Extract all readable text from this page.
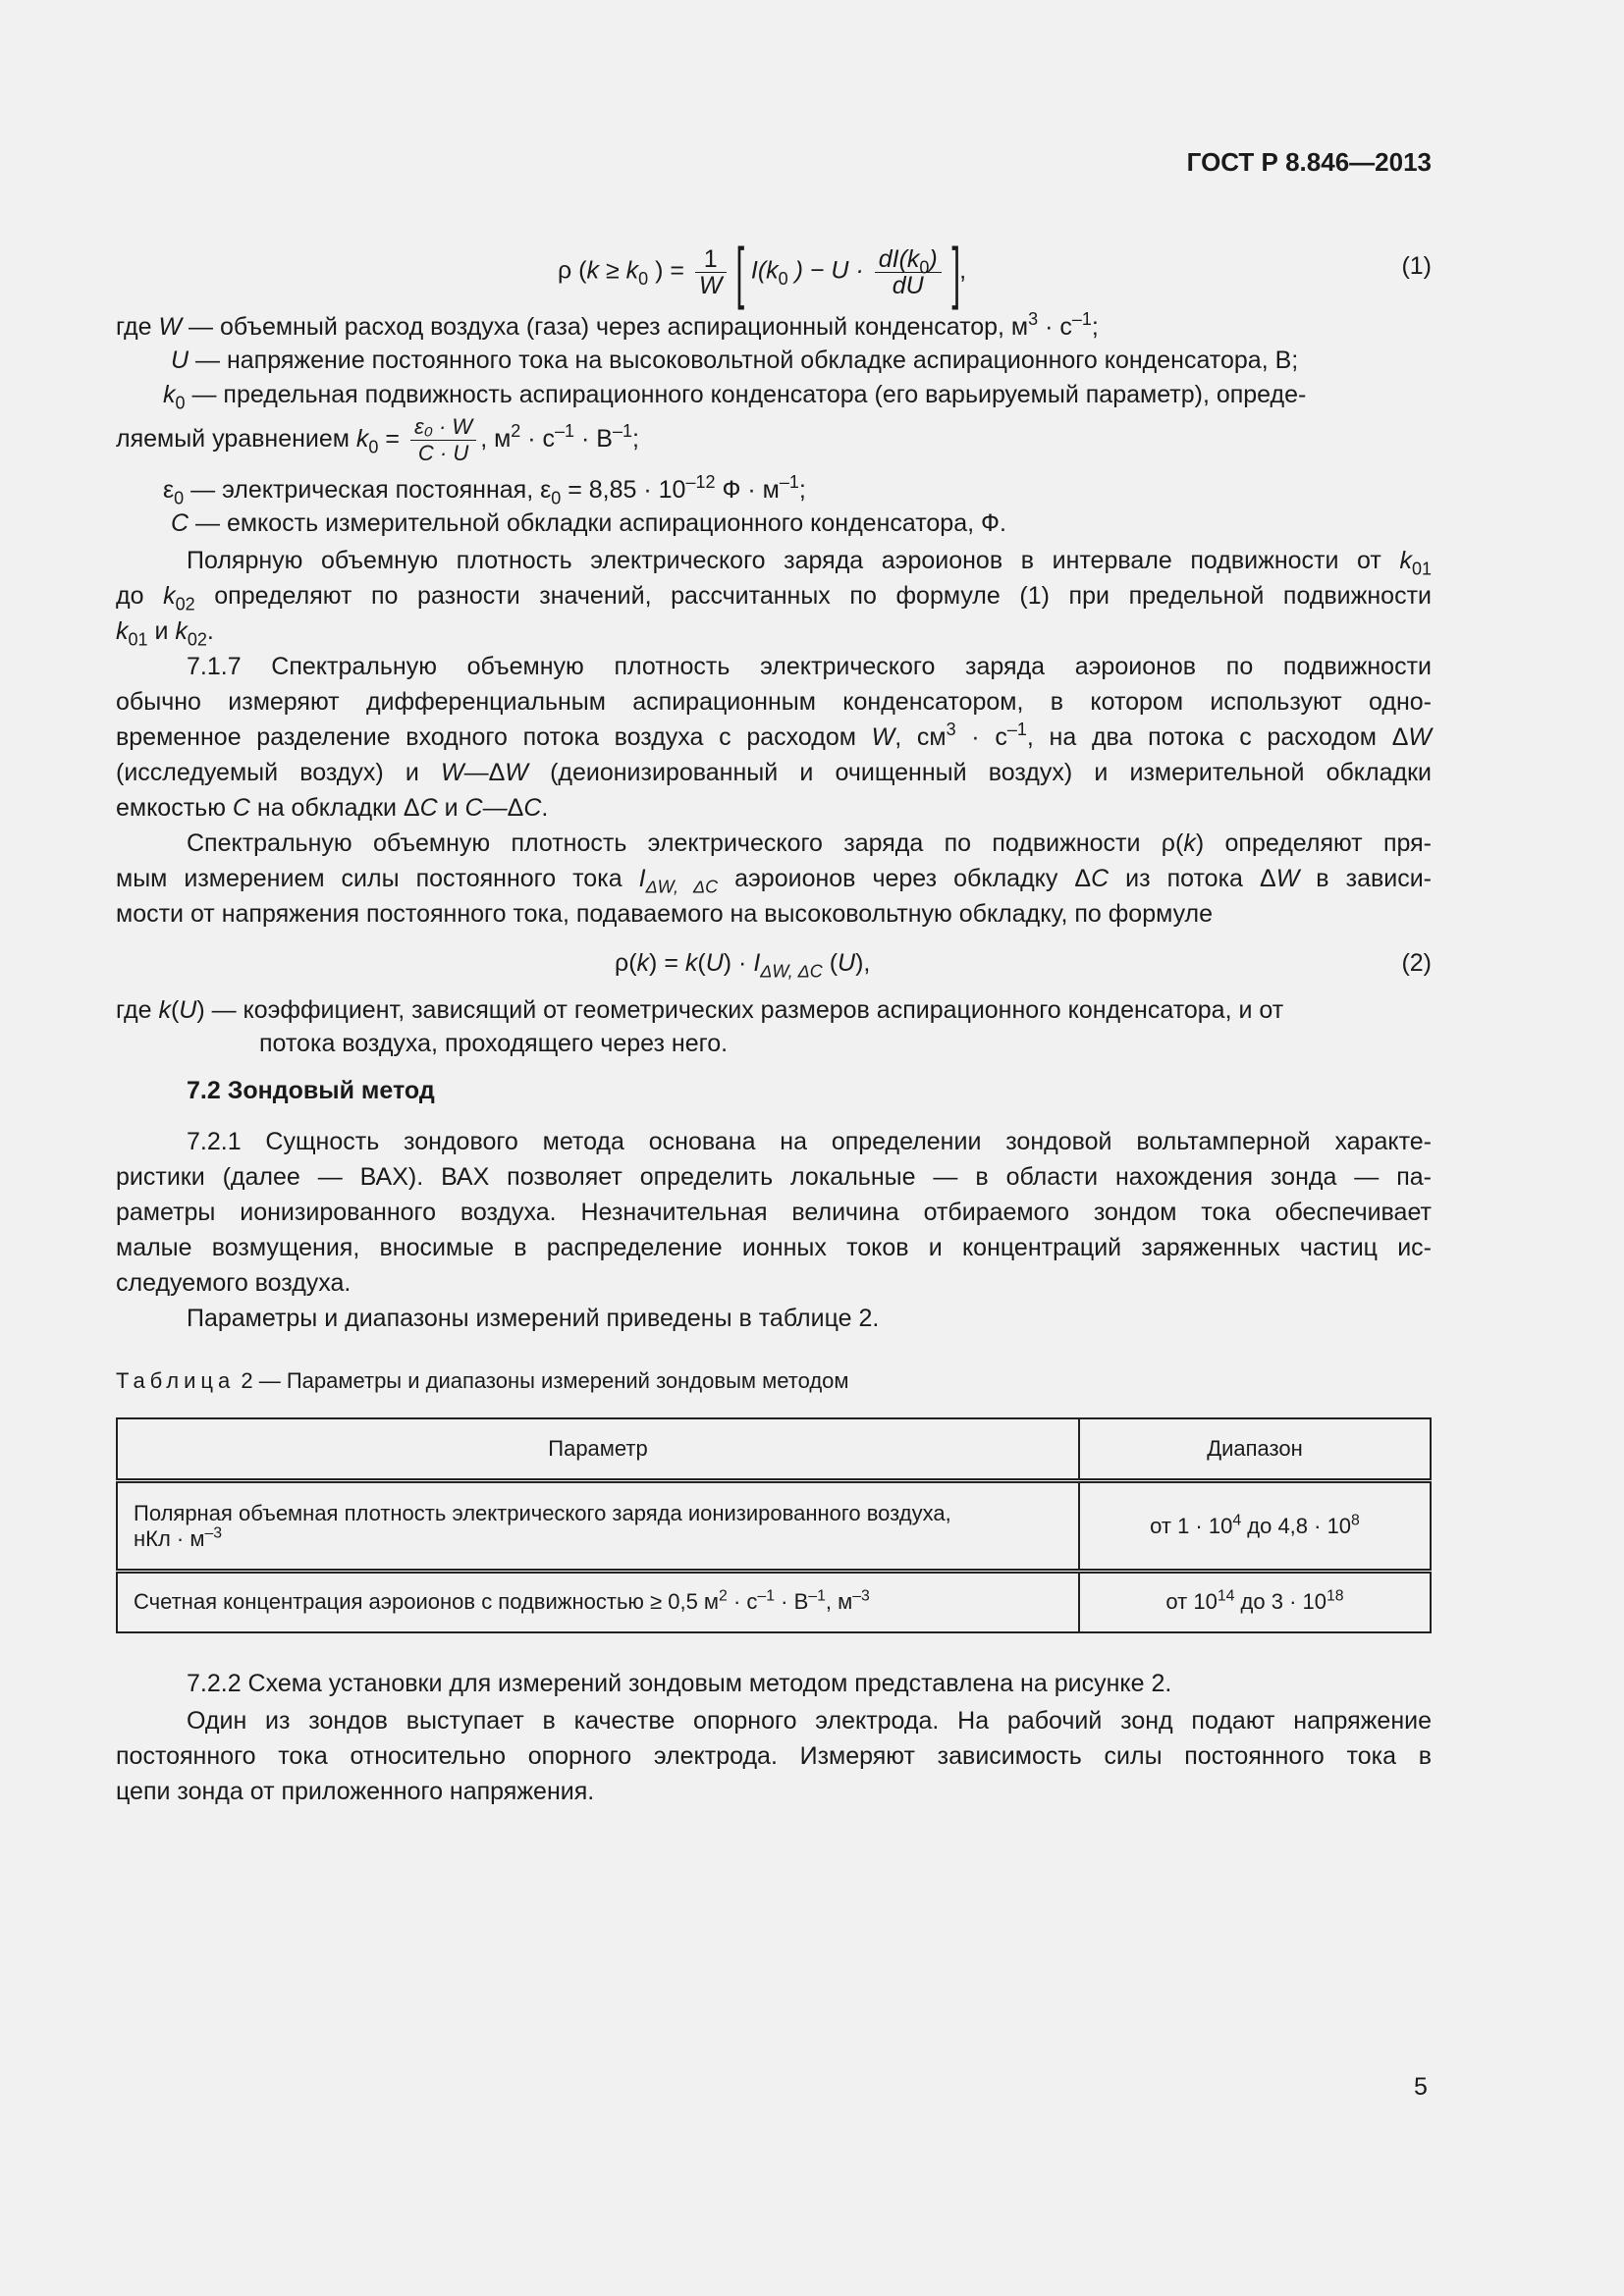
ГОСТ Р 8.846—2013
ρ ($k \ge k_0$ ) = $\frac{1}{W}$ [ $I(k_0$ ) − $U \cdot \frac{dI(k_0)}{dU}$ ],	(1)
где W — объемный расход воздуха (газа) через аспирационный конденсатор, $м^3 \cdot с^{-1}$;
U — напряжение постоянного тока на высоковольтной обкладке аспирационного конденсатора, В;
$k_0$ — предельная подвижность аспирационного конденсатора (его варьируемый параметр), опреде-
ляемый уравнением $k_0 = \frac{\text{ε₀ · W}}{C \cdot U}$ , $м^2 \cdot с^{-1} \cdot В^{-1}$;
$\varepsilon_0$ — электрическая постоянная, $\varepsilon_0 = 8,85 \cdot 10^{-12}$ $Ф \cdot м^{-1}$;
C — емкость измерительной обкладки аспирационного конденсатора, Ф.
Полярную объемную плотность электрического заряда аэроионов в интервале подвижности от $k_{01}$
до $k_{02}$ определяют по разности значений, рассчитанных по формуле (1) при предельной подвижности
$k_{01}$ и $k_{02}$.
7.1.7 Спектральную объемную плотность электрического заряда аэроионов по подвижности
обычно измеряют дифференциальным аспирационным конденсатором, в котором используют одно-
временное разделение входного потока воздуха с расходом W, $см^3 \cdot с^{-1}$, на два потока с расходом ΔW
(исследуемый воздух) и W—ΔW (деионизированный и очищенный воздух) и измерительной обкладки
емкостью C на обкладки ΔC и C—ΔC.
Спектральную объемную плотность электрического заряда по подвижности ρ(k) определяют пря-
мым измерением силы постоянного тока $I_{\Delta W, \Delta C}$ аэроионов через обкладку ΔC из потока ΔW в зависи-
мости от напряжения постоянного тока, подаваемого на высоковольтную обкладку, по формуле
$\rho(k) = k(U) \cdot I_{\Delta W, \Delta C}$ (U),	(2)
где k(U) — коэффициент, зависящий от геометрических размеров аспирационного конденсатора, и от
потока воздуха, проходящего через него.
7.2 Зондовый метод
7.2.1 Сущность зондового метода основана на определении зондовой вольтамперной характе-
ристики (далее — ВАХ). ВАХ позволяет определить локальные — в области нахождения зонда — па-
раметры ионизированного воздуха. Незначительная величина отбираемого зондом тока обеспечивает
малые возмущения, вносимые в распределение ионных токов и концентраций заряженных частиц ис-
следуемого воздуха.
Параметры и диапазоны измерений приведены в таблице 2.
Таблица 2 — Параметры и диапазоны измерений зондовым методом
Параметр	Диапазон
Полярная объемная плотность электрического заряда ионизированного воздуха,
нКл · $м^{-3}$	от $1 \cdot 10^4$ до $4,8 \cdot 10^8$
Счетная концентрация аэроионов с подвижностью ≥ 0,5 $м^2 \cdot с^{-1} \cdot В^{-1}$, $м^{-3}$	от $10^{14}$ до $3 \cdot 10^{18}$
7.2.2 Схема установки для измерений зондовым методом представлена на рисунке 2.
Один из зондов выступает в качестве опорного электрода. На рабочий зонд подают напряжение
постоянного тока относительно опорного электрода. Измеряют зависимость силы постоянного тока в
цепи зонда от приложенного напряжения.
5
